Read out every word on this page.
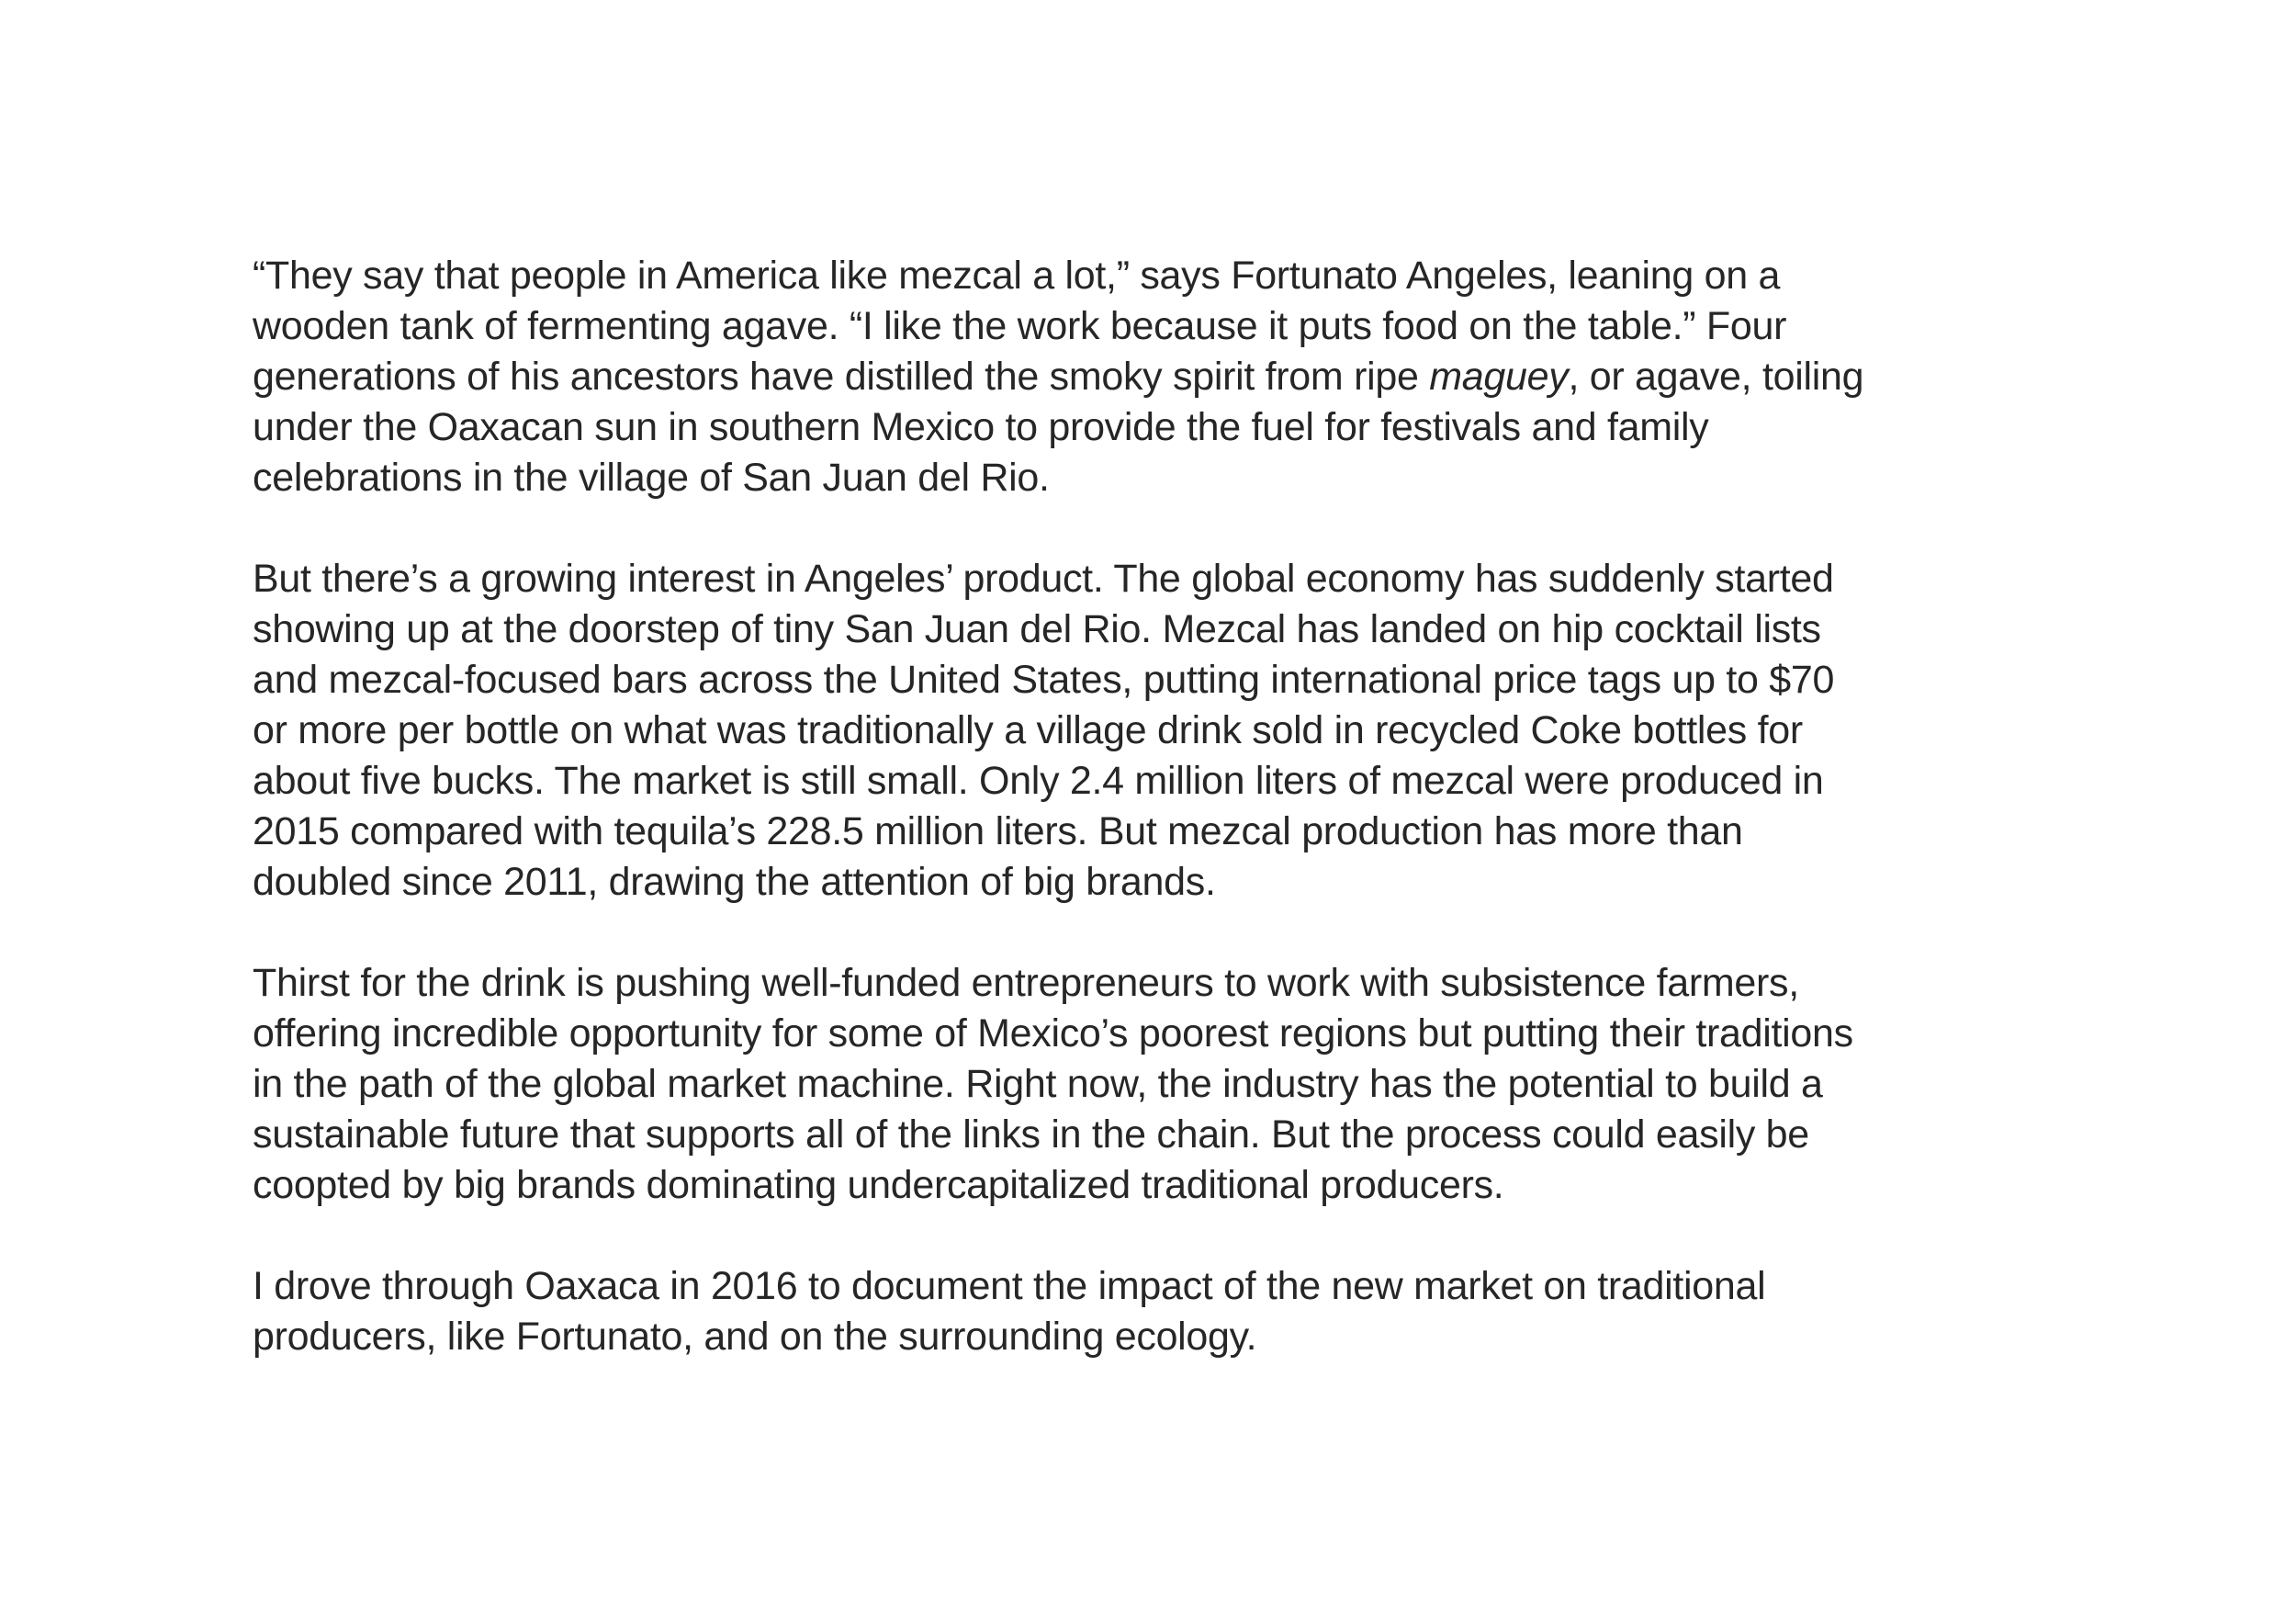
“They say that people in America like mezcal a lot,” says Fortunato Angeles, leaning on a
wooden tank of fermenting agave. “I like the work because it puts food on the table.” Four
generations of his ancestors have distilled the smoky spirit from ripe maguey, or agave, toiling
under the Oaxacan sun in southern Mexico to provide the fuel for festivals and family
celebrations in the village of San Juan del Rio.

But there’s a growing interest in Angeles’ product. The global economy has suddenly started
showing up at the doorstep of tiny San Juan del Rio. Mezcal has landed on hip cocktail lists
and mezcal-focused bars across the United States, putting international price tags up to $70
or more per bottle on what was traditionally a village drink sold in recycled Coke bottles for
about five bucks. The market is still small. Only 2.4 million liters of mezcal were produced in
2015 compared with tequila’s 228.5 million liters. But mezcal production has more than
doubled since 2011, drawing the attention of big brands.

Thirst for the drink is pushing well-funded entrepreneurs to work with subsistence farmers,
offering incredible opportunity for some of Mexico’s poorest regions but putting their traditions
in the path of the global market machine. Right now, the industry has the potential to build a
sustainable future that supports all of the links in the chain. But the process could easily be
coopted by big brands dominating undercapitalized traditional producers.

I drove through Oaxaca in 2016 to document the impact of the new market on traditional
producers, like Fortunato, and on the surrounding ecology.
